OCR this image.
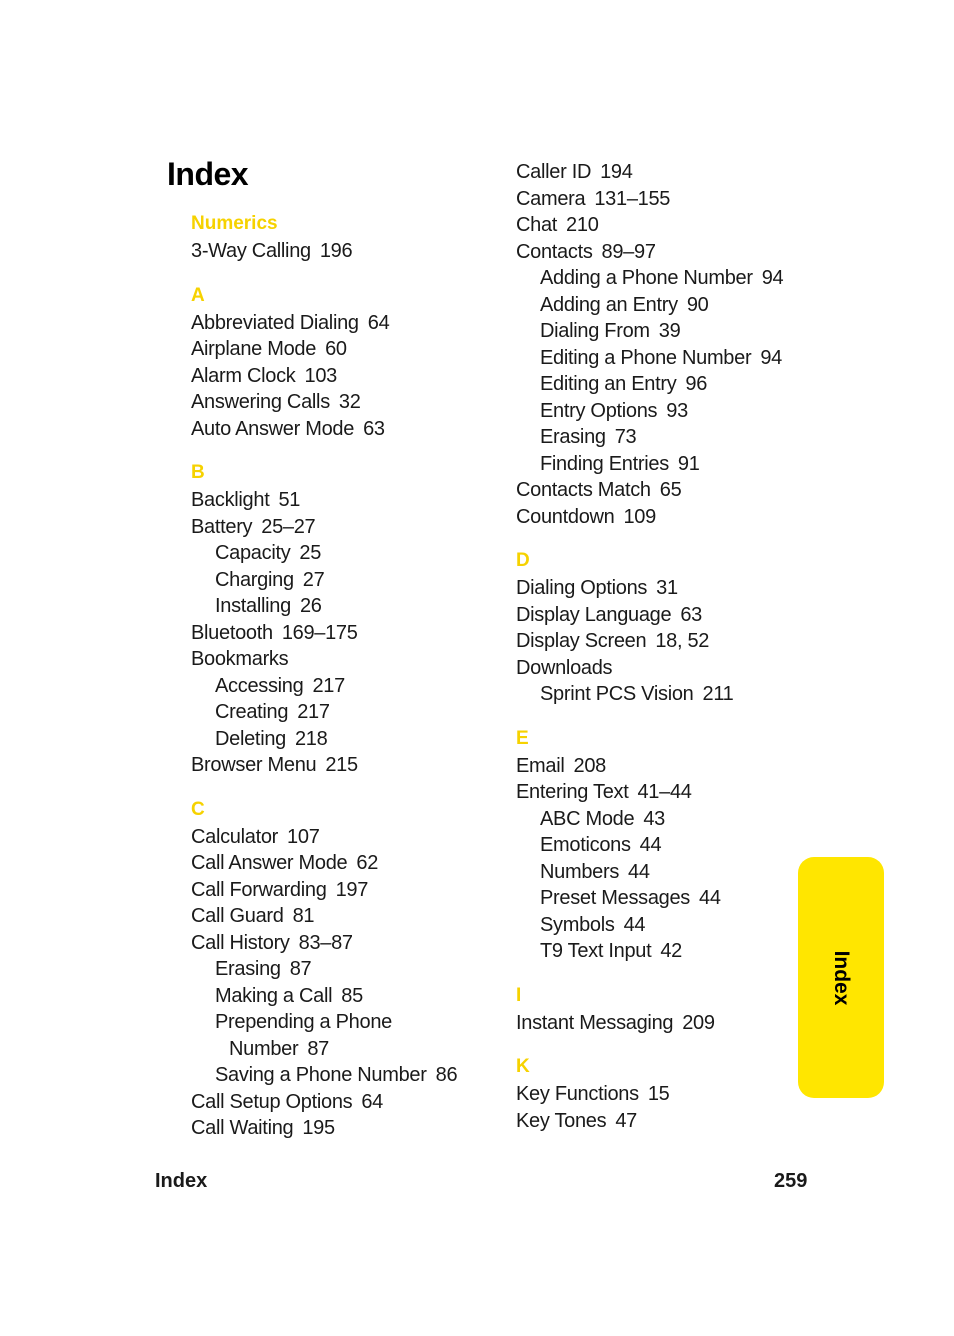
Index
Numerics
3-Way Calling 196
A
Abbreviated Dialing 64
Airplane Mode 60
Alarm Clock 103
Answering Calls 32
Auto Answer Mode 63
B
Backlight 51
Battery 25–27
Capacity 25
Charging 27
Installing 26
Bluetooth 169–175
Bookmarks
Accessing 217
Creating 217
Deleting 218
Browser Menu 215
C
Calculator 107
Call Answer Mode 62
Call Forwarding 197
Call Guard 81
Call History 83–87
Erasing 87
Making a Call 85
Prepending a Phone
Number 87
Saving a Phone Number 86
Call Setup Options 64
Call Waiting 195
Caller ID 194
Camera 131–155
Chat 210
Contacts 89–97
Adding a Phone Number 94
Adding an Entry 90
Dialing From 39
Editing a Phone Number 94
Editing an Entry 96
Entry Options 93
Erasing 73
Finding Entries 91
Contacts Match 65
Countdown 109
D
Dialing Options 31
Display Language 63
Display Screen 18, 52
Downloads
Sprint PCS Vision 211
E
Email 208
Entering Text 41–44
ABC Mode 43
Emoticons 44
Numbers 44
Preset Messages 44
Symbols 44
T9 Text Input 42
I
Instant Messaging 209
K
Key Functions 15
Key Tones 47
Index
Index	259
